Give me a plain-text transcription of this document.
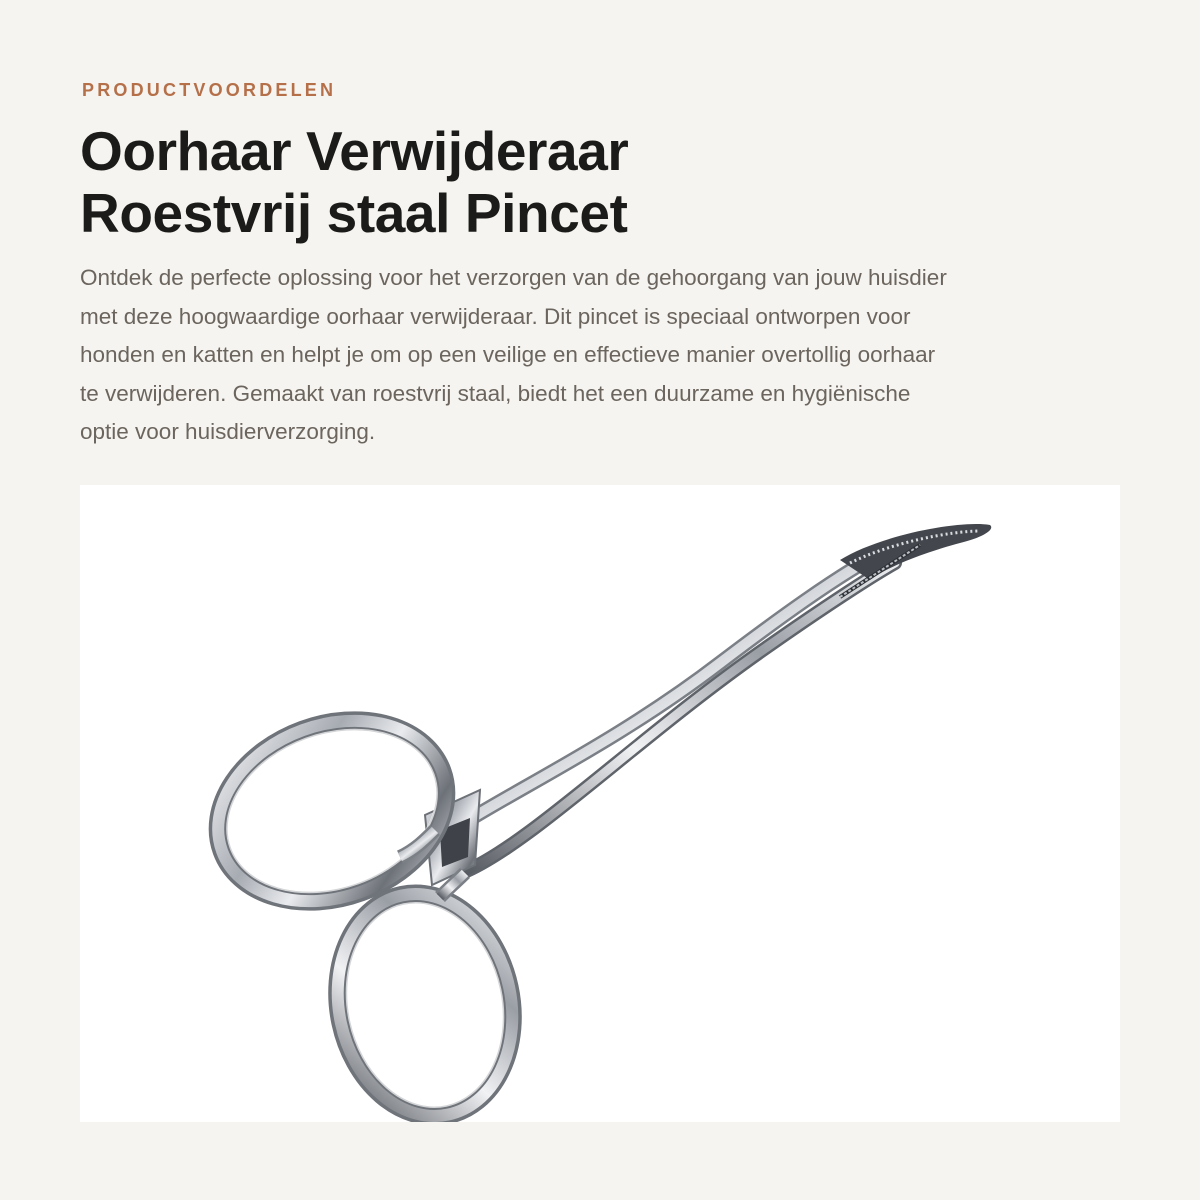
PRODUCTVOORDELEN
Oorhaar Verwijderaar
Roestvrij staal Pincet

Ontdek de perfecte oplossing voor het verzorgen van de gehoorgang van jouw huisdier
met deze hoogwaardige oorhaar verwijderaar. Dit pincet is speciaal ontworpen voor
honden en katten en helpt je om op een veilige en effectieve manier overtollig oorhaar
te verwijderen. Gemaakt van roestvrij staal, biedt het een duurzame en hygiënische
optie voor huisdierverzorging.
